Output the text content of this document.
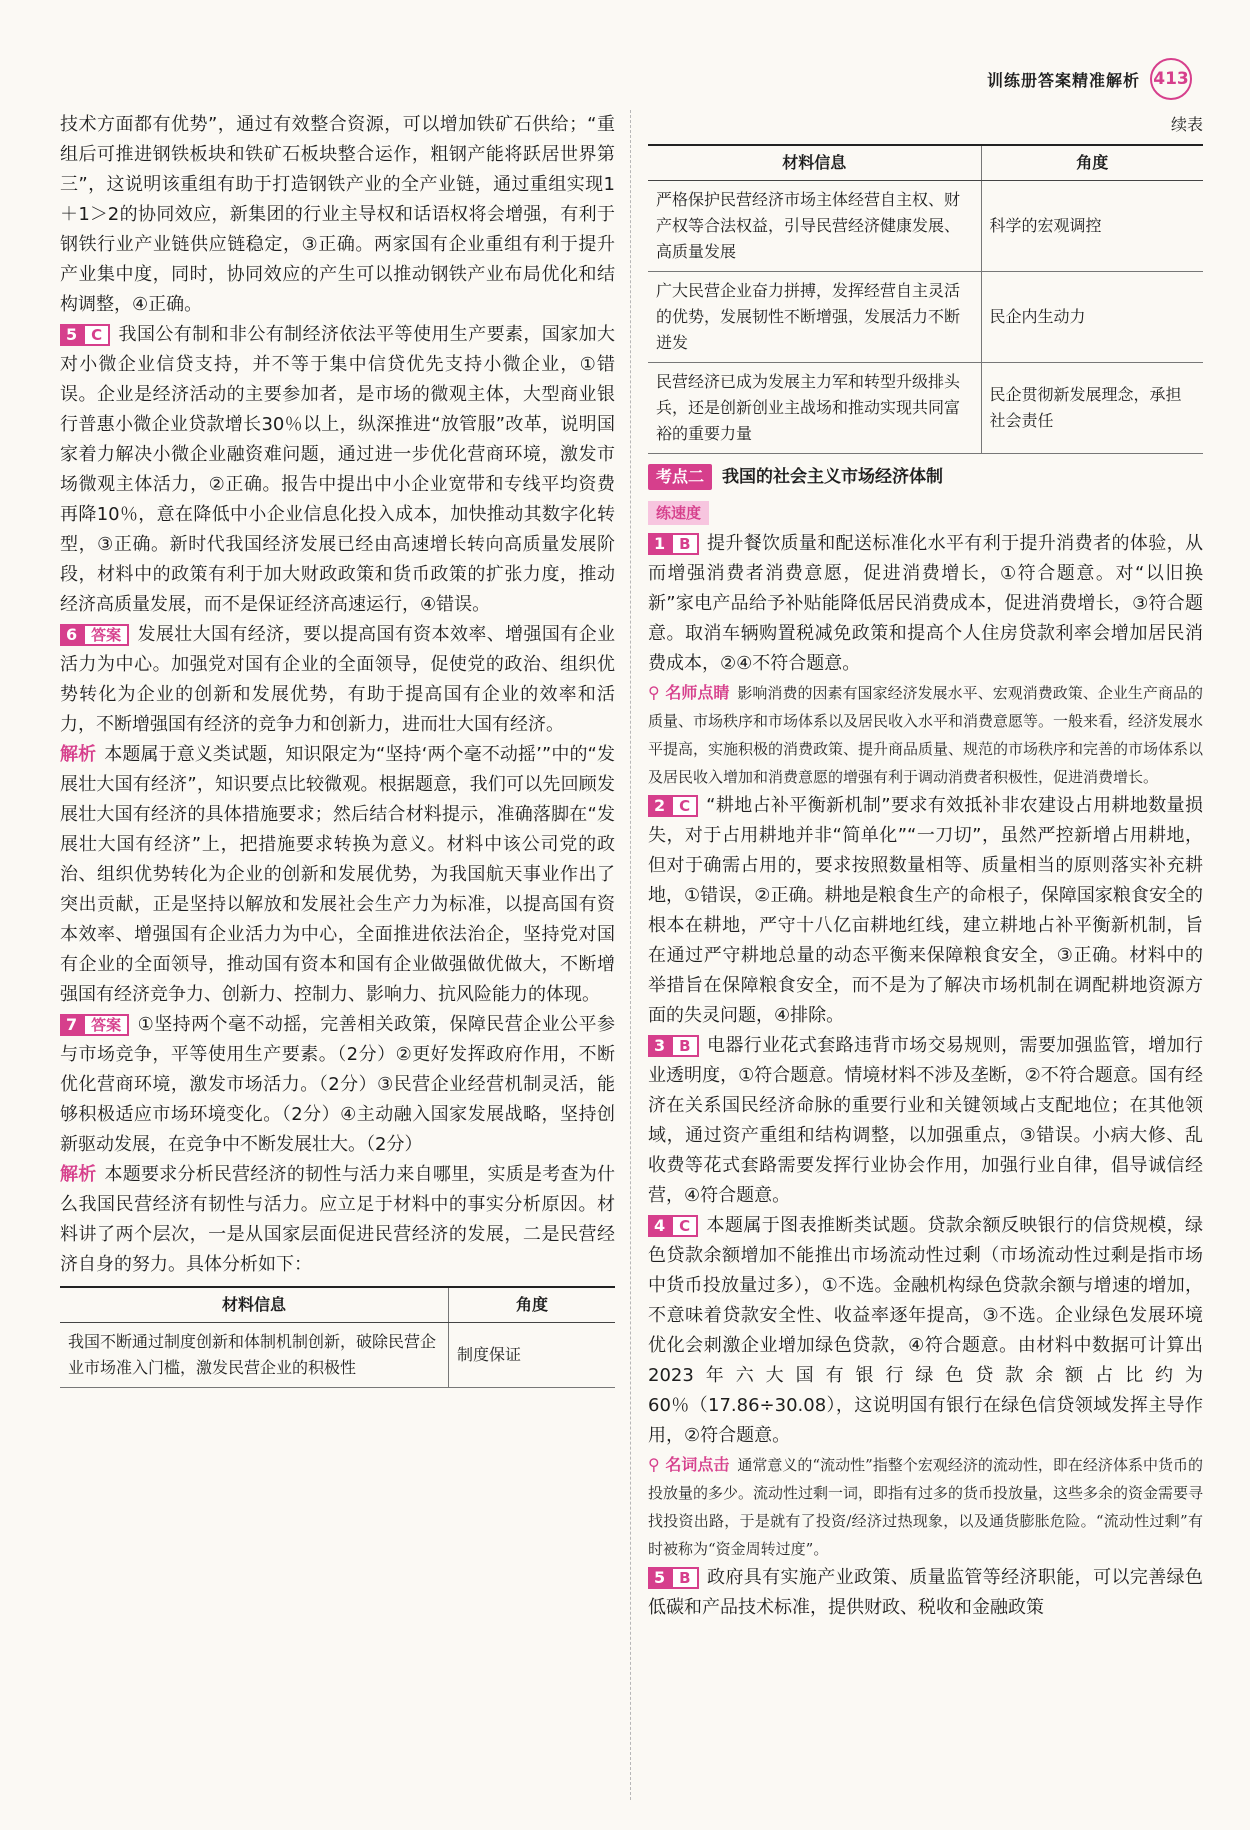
训练册答案精准解析 413

技术方面都有优势”，通过有效整合资源，可以增加铁矿石供给；“重组后可推进钢铁板块和铁矿石板块整合运作，粗钢产能将跃居世界第三”，这说明该重组有助于打造钢铁产业的全产业链，通过重组实现1＋1＞2的协同效应，新集团的行业主导权和话语权将会增强，有利于钢铁行业产业链供应链稳定，③正确。两家国有企业重组有利于提升产业集中度，同时，协同效应的产生可以推动钢铁产业布局优化和结构调整，④正确。

5 C 我国公有制和非公有制经济依法平等使用生产要素，国家加大对小微企业信贷支持，并不等于集中信贷优先支持小微企业，①错误。企业是经济活动的主要参加者，是市场的微观主体，大型商业银行普惠小微企业贷款增长30％以上，纵深推进“放管服”改革，说明国家着力解决小微企业融资难问题，通过进一步优化营商环境，激发市场微观主体活力，②正确。报告中提出中小企业宽带和专线平均资费再降10％，意在降低中小企业信息化投入成本，加快推动其数字化转型，③正确。新时代我国经济发展已经由高速增长转向高质量发展阶段，材料中的政策有利于加大财政政策和货币政策的扩张力度，推动经济高质量发展，而不是保证经济高速运行，④错误。

6 答案 发展壮大国有经济，要以提高国有资本效率、增强国有企业活力为中心。加强党对国有企业的全面领导，促使党的政治、组织优势转化为企业的创新和发展优势，有助于提高国有企业的效率和活力，不断增强国有经济的竞争力和创新力，进而壮大国有经济。

解析 本题属于意义类试题，知识限定为“坚持‘两个毫不动摇’”中的“发展壮大国有经济”，知识要点比较微观。根据题意，我们可以先回顾发展壮大国有经济的具体措施要求；然后结合材料提示，准确落脚在“发展壮大国有经济”上，把措施要求转换为意义。材料中该公司党的政治、组织优势转化为企业的创新和发展优势，为我国航天事业作出了突出贡献，正是坚持以解放和发展社会生产力为标准，以提高国有资本效率、增强国有企业活力为中心，全面推进依法治企，坚持党对国有企业的全面领导，推动国有资本和国有企业做强做优做大，不断增强国有经济竞争力、创新力、控制力、影响力、抗风险能力的体现。

7 答案 ①坚持两个毫不动摇，完善相关政策，保障民营企业公平参与市场竞争，平等使用生产要素。（2分）②更好发挥政府作用，不断优化营商环境，激发市场活力。（2分）③民营企业经营机制灵活，能够积极适应市场环境变化。（2分）④主动融入国家发展战略，坚持创新驱动发展，在竞争中不断发展壮大。（2分）

解析 本题要求分析民营经济的韧性与活力来自哪里，实质是考查为什么我国民营经济有韧性与活力。应立足于材料中的事实分析原因。材料讲了两个层次，一是从国家层面促进民营经济的发展，二是民营经济自身的努力。具体分析如下：

材料信息	角度
我国不断通过制度创新和体制机制创新，破除民营企业市场准入门槛，激发民营企业的积极性	制度保证
续表
材料信息	角度
严格保护民营经济市场主体经营自主权、财产权等合法权益，引导民营经济健康发展、高质量发展	科学的宏观调控
广大民营企业奋力拼搏，发挥经营自主灵活的优势，发展韧性不断增强，发展活力不断迸发	民企内生动力
民营经济已成为发展主力军和转型升级排头兵，还是创新创业主战场和推动实现共同富裕的重要力量	民企贯彻新发展理念，承担社会责任
考点二	我国的社会主义市场经济体制
练速度

1 B 提升餐饮质量和配送标准化水平有利于提升消费者的体验，从而增强消费者消费意愿，促进消费增长，①符合题意。对“以旧换新”家电产品给予补贴能降低居民消费成本，促进消费增长，③符合题意。取消车辆购置税减免政策和提高个人住房贷款利率会增加居民消费成本，②④不符合题意。

⚲ 名师点睛 影响消费的因素有国家经济发展水平、宏观消费政策、企业生产商品的质量、市场秩序和市场体系以及居民收入水平和消费意愿等。一般来看，经济发展水平提高，实施积极的消费政策、提升商品质量、规范的市场秩序和完善的市场体系以及居民收入增加和消费意愿的增强有利于调动消费者积极性，促进消费增长。

2 C “耕地占补平衡新机制”要求有效抵补非农建设占用耕地数量损失，对于占用耕地并非“简单化”“一刀切”，虽然严控新增占用耕地，但对于确需占用的，要求按照数量相等、质量相当的原则落实补充耕地，①错误，②正确。耕地是粮食生产的命根子，保障国家粮食安全的根本在耕地，严守十八亿亩耕地红线，建立耕地占补平衡新机制，旨在通过严守耕地总量的动态平衡来保障粮食安全，③正确。材料中的举措旨在保障粮食安全，而不是为了解决市场机制在调配耕地资源方面的失灵问题，④排除。

3 B 电器行业花式套路违背市场交易规则，需要加强监管，增加行业透明度，①符合题意。情境材料不涉及垄断，②不符合题意。国有经济在关系国民经济命脉的重要行业和关键领域占支配地位；在其他领域，通过资产重组和结构调整，以加强重点，③错误。小病大修、乱收费等花式套路需要发挥行业协会作用，加强行业自律，倡导诚信经营，④符合题意。

4 C 本题属于图表推断类试题。贷款余额反映银行的信贷规模，绿色贷款余额增加不能推出市场流动性过剩（市场流动性过剩是指市场中货币投放量过多），①不选。金融机构绿色贷款余额与增速的增加，不意味着贷款安全性、收益率逐年提高，③不选。企业绿色发展环境优化会刺激企业增加绿色贷款，④符合题意。由材料中数据可计算出2023年六大国有银行绿色贷款余额占比约为60％（17.86÷30.08），这说明国有银行在绿色信贷领域发挥主导作用，②符合题意。

⚲ 名词点击 通常意义的“流动性”指整个宏观经济的流动性，即在经济体系中货币的投放量的多少。流动性过剩一词，即指有过多的货币投放量，这些多余的资金需要寻找投资出路，于是就有了投资/经济过热现象，以及通货膨胀危险。“流动性过剩”有时被称为“资金周转过度”。

5 B 政府具有实施产业政策、质量监管等经济职能，可以完善绿色低碳和产品技术标准，提供财政、税收和金融政策
